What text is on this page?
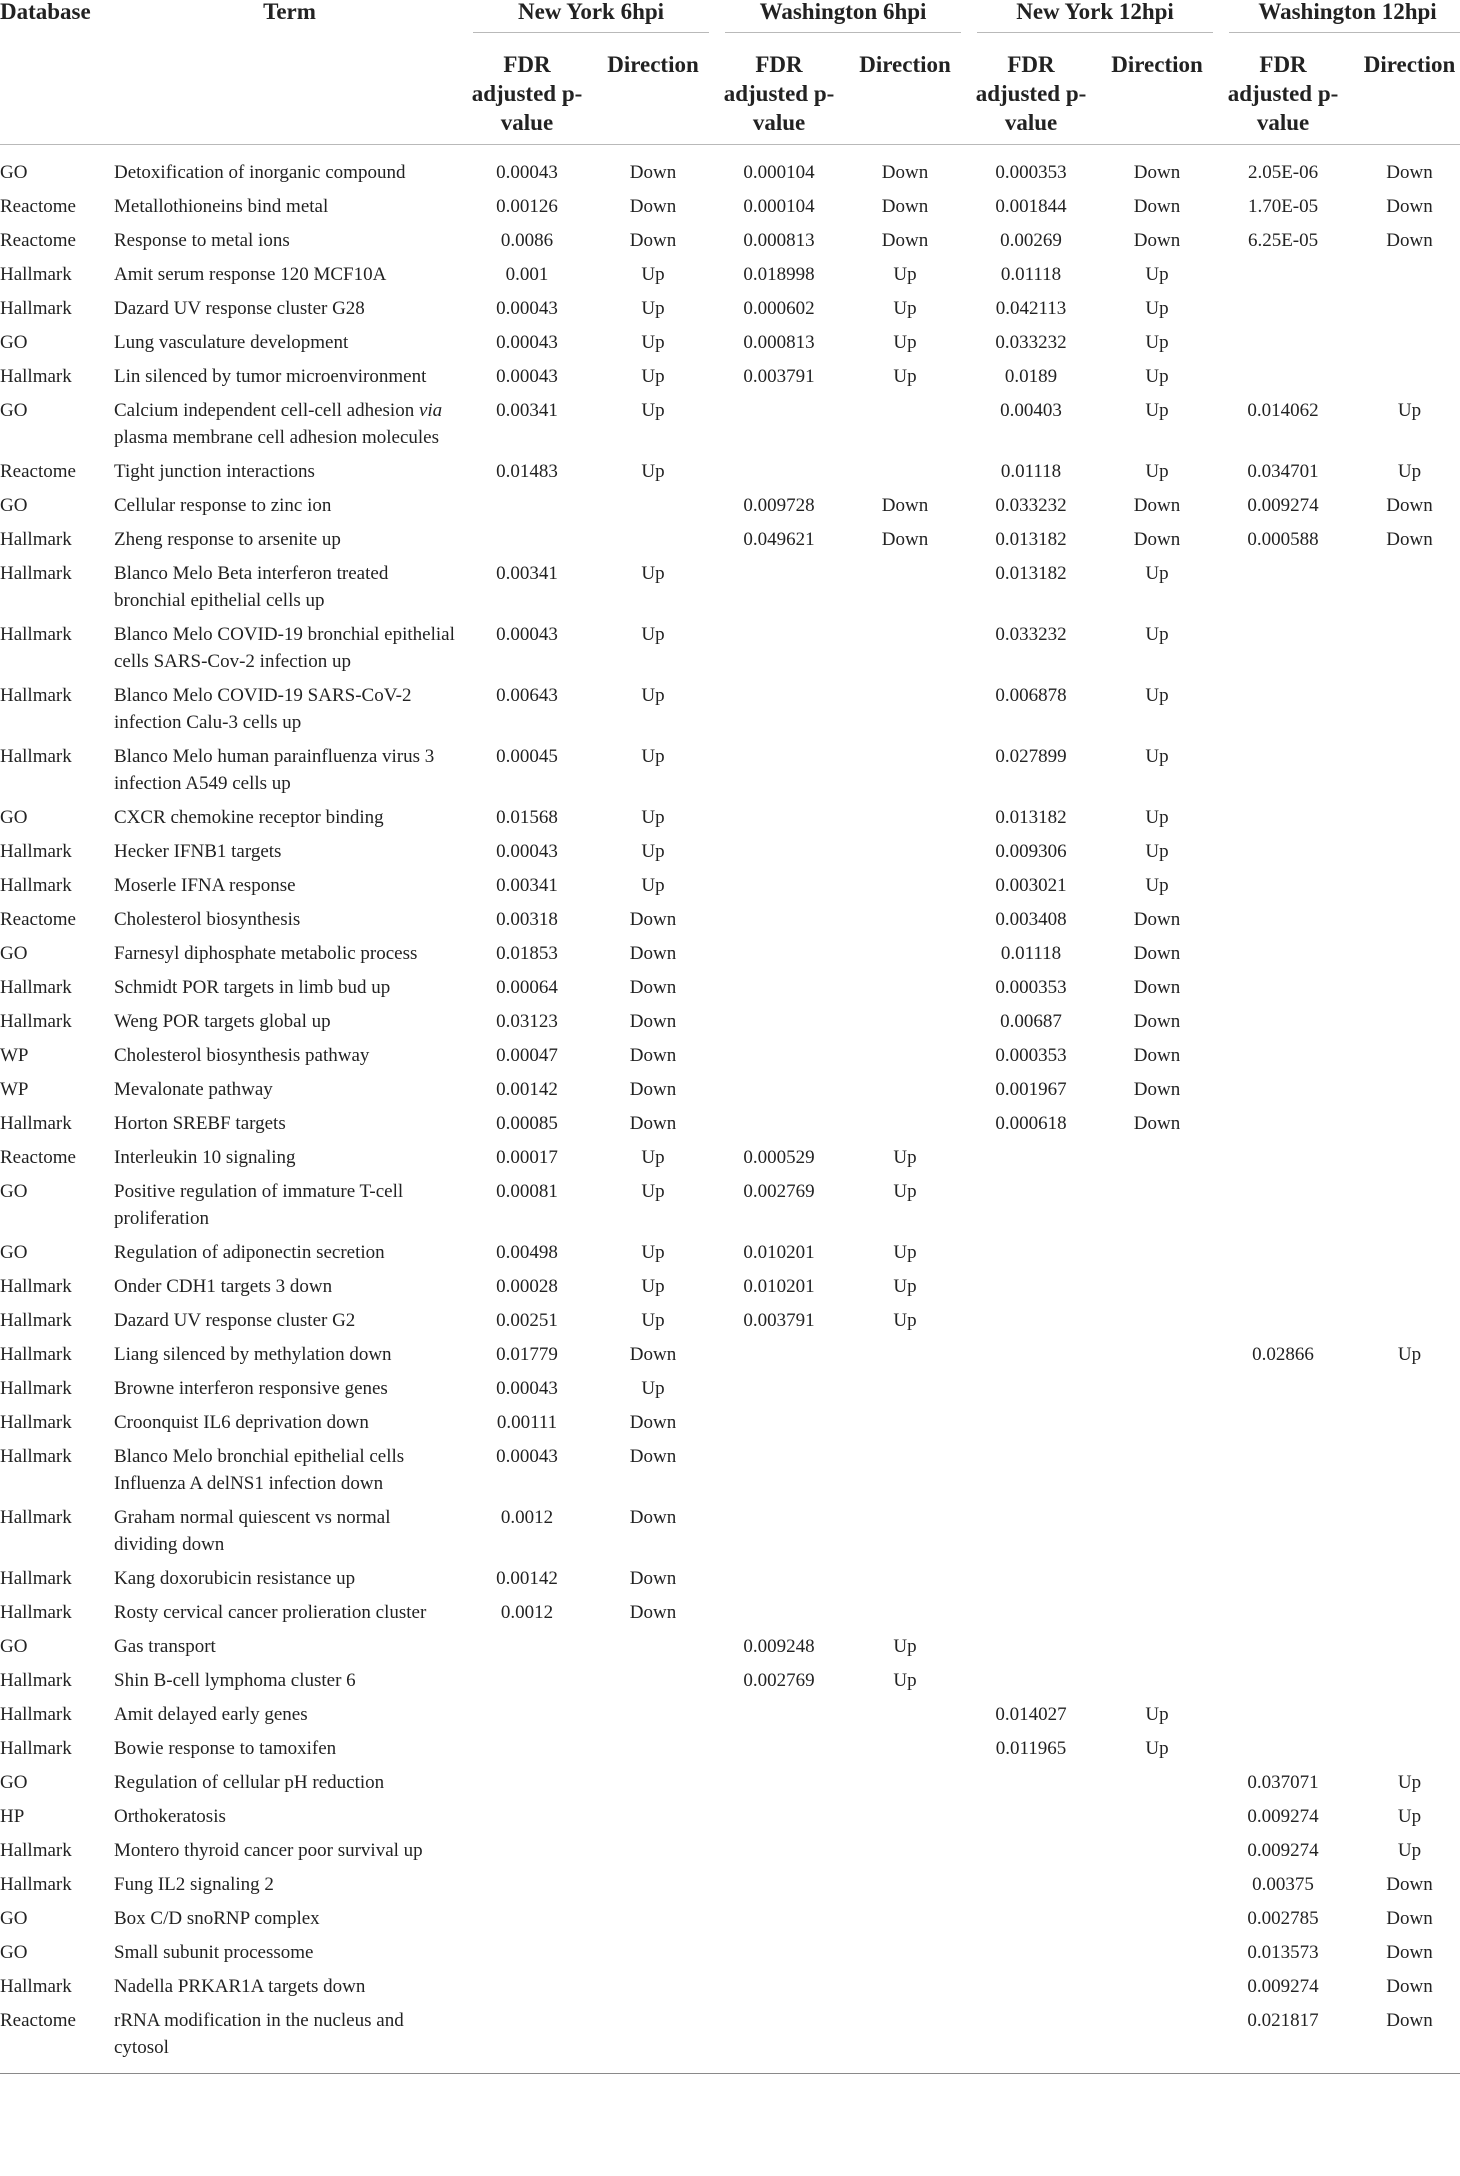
Database	Term	New York 6hpi		Washington 6hpi		New York 12hpi		Washington 12hpi	

		FDR adjusted p-value	Direction	FDR adjusted p-value	Direction	FDR adjusted p-value	Direction	FDR adjusted p-value	Direction
GO	Detoxification of inorganic compound	0.00043	Down	0.000104	Down	0.000353	Down	2.05E-06	Down
Reactome	Metallothioneins bind metal	0.00126	Down	0.000104	Down	0.001844	Down	1.70E-05	Down
Reactome	Response to metal ions	0.0086	Down	0.000813	Down	0.00269	Down	6.25E-05	Down
Hallmark	Amit serum response 120 MCF10A	0.001	Up	0.018998	Up	0.01118	Up		
Hallmark	Dazard UV response cluster G28	0.00043	Up	0.000602	Up	0.042113	Up		
GO	Lung vasculature development	0.00043	Up	0.000813	Up	0.033232	Up		
Hallmark	Lin silenced by tumor microenvironment	0.00043	Up	0.003791	Up	0.0189	Up		
GO	Calcium independent cell-cell adhesion via plasma membrane cell adhesion molecules	0.00341	Up			0.00403	Up	0.014062	Up
Reactome	Tight junction interactions	0.01483	Up			0.01118	Up	0.034701	Up
GO	Cellular response to zinc ion			0.009728	Down	0.033232	Down	0.009274	Down
Hallmark	Zheng response to arsenite up			0.049621	Down	0.013182	Down	0.000588	Down
Hallmark	Blanco Melo Beta interferon treated bronchial epithelial cells up	0.00341	Up			0.013182	Up		
Hallmark	Blanco Melo COVID-19 bronchial epithelial cells SARS-Cov-2 infection up	0.00043	Up			0.033232	Up		
Hallmark	Blanco Melo COVID-19 SARS-CoV-2 infection Calu-3 cells up	0.00643	Up			0.006878	Up		
Hallmark	Blanco Melo human parainfluenza virus 3 infection A549 cells up	0.00045	Up			0.027899	Up		
GO	CXCR chemokine receptor binding	0.01568	Up			0.013182	Up		
Hallmark	Hecker IFNB1 targets	0.00043	Up			0.009306	Up		
Hallmark	Moserle IFNA response	0.00341	Up			0.003021	Up		
Reactome	Cholesterol biosynthesis	0.00318	Down			0.003408	Down		
GO	Farnesyl diphosphate metabolic process	0.01853	Down			0.01118	Down		
Hallmark	Schmidt POR targets in limb bud up	0.00064	Down			0.000353	Down		
Hallmark	Weng POR targets global up	0.03123	Down			0.00687	Down		
WP	Cholesterol biosynthesis pathway	0.00047	Down			0.000353	Down		
WP	Mevalonate pathway	0.00142	Down			0.001967	Down		
Hallmark	Horton SREBF targets	0.00085	Down			0.000618	Down		
Reactome	Interleukin 10 signaling	0.00017	Up	0.000529	Up				
GO	Positive regulation of immature T-cell proliferation	0.00081	Up	0.002769	Up				
GO	Regulation of adiponectin secretion	0.00498	Up	0.010201	Up				
Hallmark	Onder CDH1 targets 3 down	0.00028	Up	0.010201	Up				
Hallmark	Dazard UV response cluster G2	0.00251	Up	0.003791	Up				
Hallmark	Liang silenced by methylation down	0.01779	Down					0.02866	Up
Hallmark	Browne interferon responsive genes	0.00043	Up						
Hallmark	Croonquist IL6 deprivation down	0.00111	Down						
Hallmark	Blanco Melo bronchial epithelial cells Influenza A delNS1 infection down	0.00043	Down						
Hallmark	Graham normal quiescent vs normal dividing down	0.0012	Down						
Hallmark	Kang doxorubicin resistance up	0.00142	Down						
Hallmark	Rosty cervical cancer prolieration cluster	0.0012	Down						
GO	Gas transport			0.009248	Up				
Hallmark	Shin B-cell lymphoma cluster 6			0.002769	Up				
Hallmark	Amit delayed early genes					0.014027	Up		
Hallmark	Bowie response to tamoxifen					0.011965	Up		
GO	Regulation of cellular pH reduction							0.037071	Up
HP	Orthokeratosis							0.009274	Up
Hallmark	Montero thyroid cancer poor survival up							0.009274	Up
Hallmark	Fung IL2 signaling 2							0.00375	Down
GO	Box C/D snoRNP complex							0.002785	Down
GO	Small subunit processome							0.013573	Down
Hallmark	Nadella PRKAR1A targets down							0.009274	Down
Reactome	rRNA modification in the nucleus and cytosol							0.021817	Down
